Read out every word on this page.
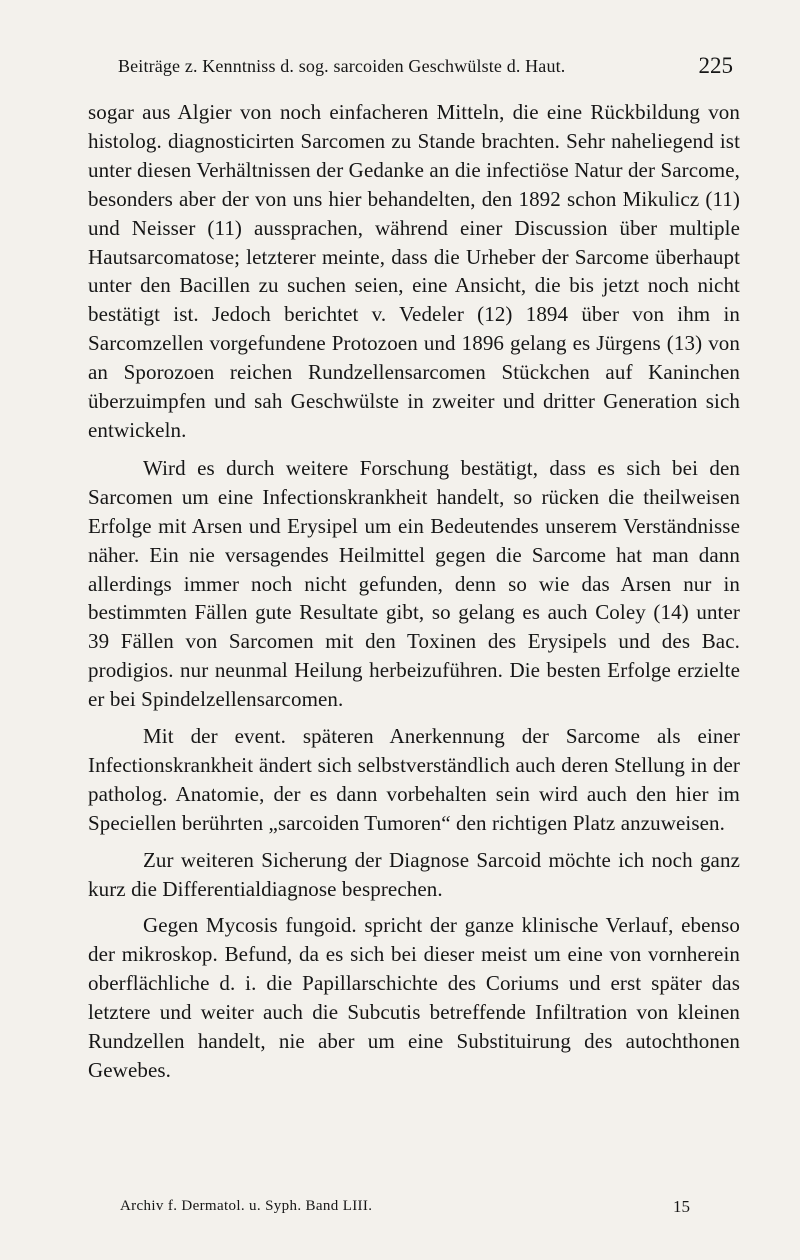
Beiträge z. Kenntniss d. sog. sarcoiden Geschwülste d. Haut.	225

sogar aus Algier von noch einfacheren Mitteln, die eine Rückbildung von histolog. diagnosticirten Sarcomen zu Stande brachten. Sehr naheliegend ist unter diesen Verhältnissen der Gedanke an die infectiöse Natur der Sarcome, besonders aber der von uns hier behandelten, den 1892 schon Mikulicz (11) und Neisser (11) aussprachen, während einer Discussion über multiple Hautsarcomatose; letzterer meinte, dass die Urheber der Sarcome überhaupt unter den Bacillen zu suchen seien, eine Ansicht, die bis jetzt noch nicht bestätigt ist. Jedoch berichtet v. Vedeler (12) 1894 über von ihm in Sarcomzellen vorgefundene Protozoen und 1896 gelang es Jürgens (13) von an Sporozoen reichen Rundzellensarcomen Stückchen auf Kaninchen überzuimpfen und sah Geschwülste in zweiter und dritter Generation sich entwickeln.

Wird es durch weitere Forschung bestätigt, dass es sich bei den Sarcomen um eine Infectionskrankheit handelt, so rücken die theilweisen Erfolge mit Arsen und Erysipel um ein Bedeutendes unserem Verständnisse näher. Ein nie versagendes Heilmittel gegen die Sarcome hat man dann allerdings immer noch nicht gefunden, denn so wie das Arsen nur in bestimmten Fällen gute Resultate gibt, so gelang es auch Coley (14) unter 39 Fällen von Sarcomen mit den Toxinen des Erysipels und des Bac. prodigios. nur neunmal Heilung herbeizuführen. Die besten Erfolge erzielte er bei Spindelzellensarcomen.

Mit der event. späteren Anerkennung der Sarcome als einer Infectionskrankheit ändert sich selbstverständlich auch deren Stellung in der patholog. Anatomie, der es dann vorbehalten sein wird auch den hier im Speciellen berührten „sarcoiden Tumoren“ den richtigen Platz anzuweisen.

Zur weiteren Sicherung der Diagnose Sarcoid möchte ich noch ganz kurz die Differentialdiagnose besprechen.

Gegen Mycosis fungoid. spricht der ganze klinische Verlauf, ebenso der mikroskop. Befund, da es sich bei dieser meist um eine von vornherein oberflächliche d. i. die Papillarschichte des Coriums und erst später das letztere und weiter auch die Subcutis betreffende Infiltration von kleinen Rundzellen handelt, nie aber um eine Substituirung des autochthonen Gewebes.

Archiv f. Dermatol. u. Syph. Band LIII.	15
